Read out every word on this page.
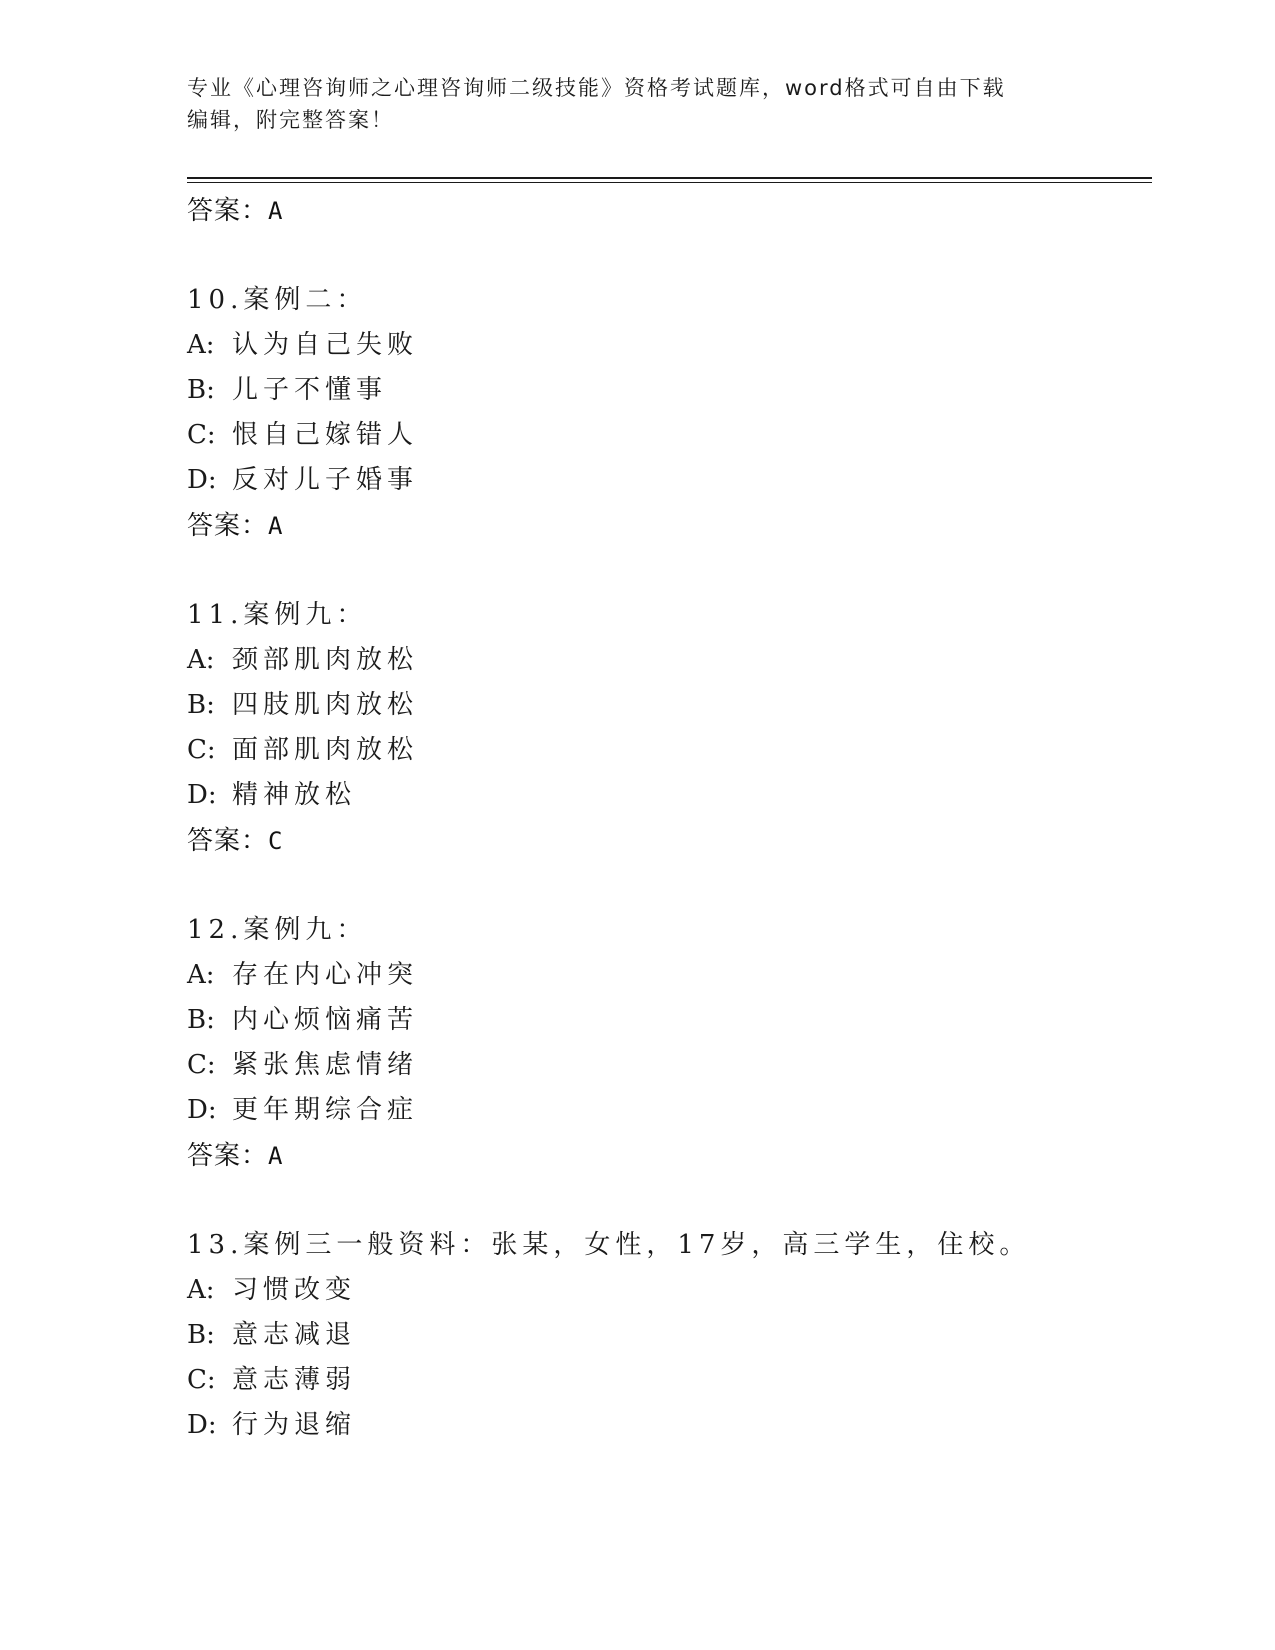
专业《心理咨询师之心理咨询师二级技能》资格考试题库，word格式可自由下载
编辑，附完整答案！
答案：A
10.案例二：
A: 认为自己失败
B: 儿子不懂事
C: 恨自己嫁错人
D: 反对儿子婚事
答案：A
11.案例九：
A: 颈部肌肉放松
B: 四肢肌肉放松
C: 面部肌肉放松
D: 精神放松
答案：C
12.案例九：
A: 存在内心冲突
B: 内心烦恼痛苦
C: 紧张焦虑情绪
D: 更年期综合症
答案：A
13.案例三一般资料：张某，女性，17岁，高三学生，住校。
A: 习惯改变
B: 意志减退
C: 意志薄弱
D: 行为退缩
